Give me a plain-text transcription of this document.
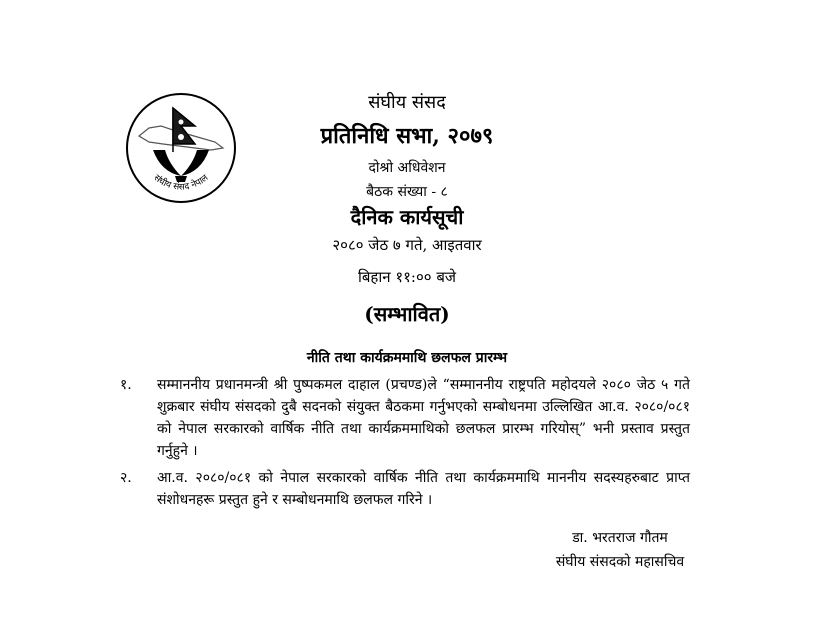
संघीय संसद नेपाल
संघीय संसद
प्रतिनिधि सभा, २०७९
दोश्रो अधिवेशन
बैठक संख्या - ८
दैनिक कार्यसूची
२०८० जेठ ७ गते, आइतवार
बिहान ११:०० बजे
(सम्भावित)
नीति तथा कार्यक्रममाथि छलफल प्रारम्भ
१.	सम्माननीय प्रधानमन्त्री श्री पुष्पकमल दाहाल (प्रचण्ड)ले “सम्माननीय राष्ट्रपति महोदयले २०८० जेठ ५ गते शुक्रबार संघीय संसदको दुबै सदनको संयुक्त बैठकमा गर्नुभएको सम्बोधनमा उल्लिखित आ.व. २०८०/०८१ को नेपाल सरकारको वार्षिक नीति तथा कार्यक्रममाथिको छलफल प्रारम्भ गरियोस्” भनी प्रस्ताव प्रस्तुत गर्नुहुने ।
२.	आ.व. २०८०/०८१ को नेपाल सरकारको वार्षिक नीति तथा कार्यक्रममाथि माननीय सदस्यहरुबाट प्राप्त संशोधनहरू प्रस्तुत हुने र सम्बोधनमाथि छलफल गरिने ।
डा. भरतराज गौतम
संघीय संसदको महासचिव
